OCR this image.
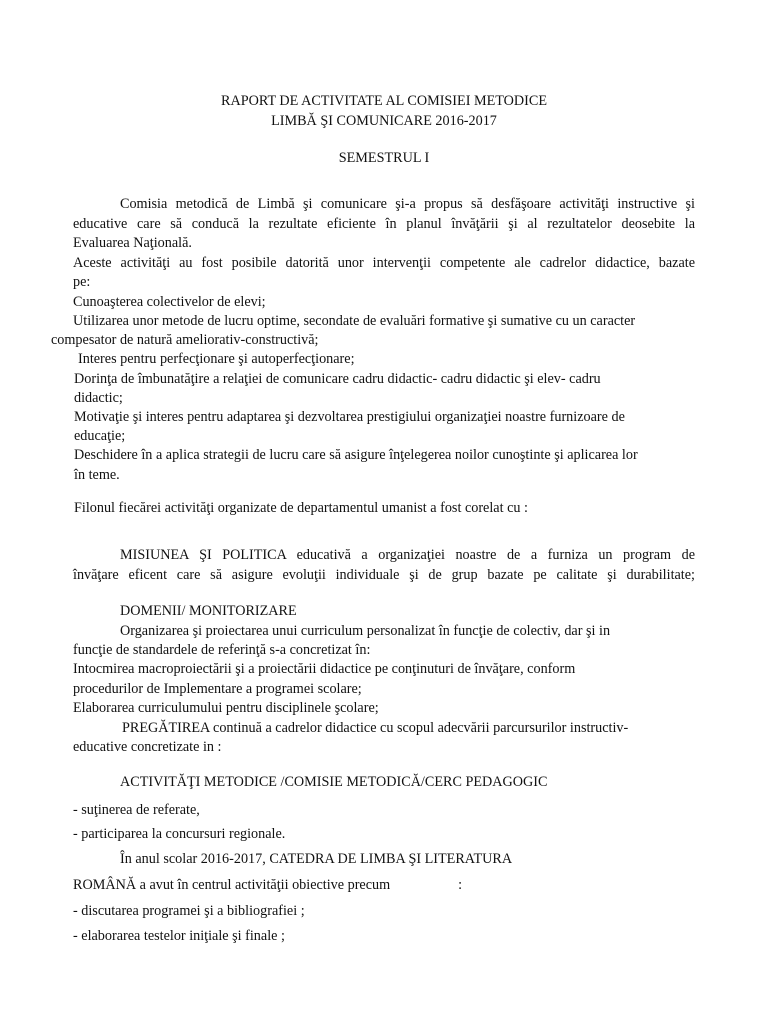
RAPORT DE ACTIVITATE AL COMISIEI METODICE
LIMBĂ ŞI COMUNICARE 2016-2017
SEMESTRUL I
Comisia metodică de Limbă şi comunicare şi-a propus să desfăşoare activităţi instructive şi
educative care să conducă la rezultate eficiente în planul învăţării şi al rezultatelor deosebite la
Evaluarea Naţională.
Aceste activităţi au fost posibile datorită unor intervenţii competente ale cadrelor didactice, bazate
pe:
Cunoaşterea colectivelor de elevi;
Utilizarea unor metode de lucru optime, secondate de evaluări formative şi sumative cu un caracter
compesator de natură ameliorativ-constructivă;
Interes pentru perfecţionare şi autoperfecţionare;
Dorinţa de îmbunatăţire a relaţiei de comunicare cadru didactic- cadru didactic şi elev- cadru
didactic;
Motivaţie şi interes pentru adaptarea şi dezvoltarea prestigiului organizaţiei noastre furnizoare de
educaţie;
Deschidere în a aplica strategii de lucru care să asigure înţelegerea noilor cunoştinte şi aplicarea lor
în teme.
Filonul fiecărei activităţi organizate de departamentul umanist a fost corelat cu :
MISIUNEA ŞI POLITICA educativă a organizaţiei noastre de a furniza un program de
învăţare eficent care să asigure evoluţii individuale şi de grup bazate pe calitate şi durabilitate;
DOMENII/ MONITORIZARE
Organizarea şi proiectarea unui curriculum personalizat în funcţie de colectiv, dar şi in
funcţie de standardele de referinţă s-a concretizat în:
Intocmirea macroproiectării şi a proiectării didactice pe conţinuturi de învăţare, conform
procedurilor de Implementare a programei scolare;
Elaborarea curriculumului pentru disciplinele şcolare;
PREGĂTIREA continuă a cadrelor didactice cu scopul adecvării parcursurilor instructiv-
educative concretizate in :
ACTIVITĂŢI METODICE /COMISIE METODICĂ/CERC PEDAGOGIC
- suţinerea de referate,
- participarea la concursuri regionale.
În anul scolar 2016-2017, CATEDRA DE LIMBA ŞI LITERATURA
ROMÂNĂ a avut în centrul activităţii obiective precum	:
- discutarea programei şi a bibliografiei ;
- elaborarea testelor iniţiale şi finale ;
